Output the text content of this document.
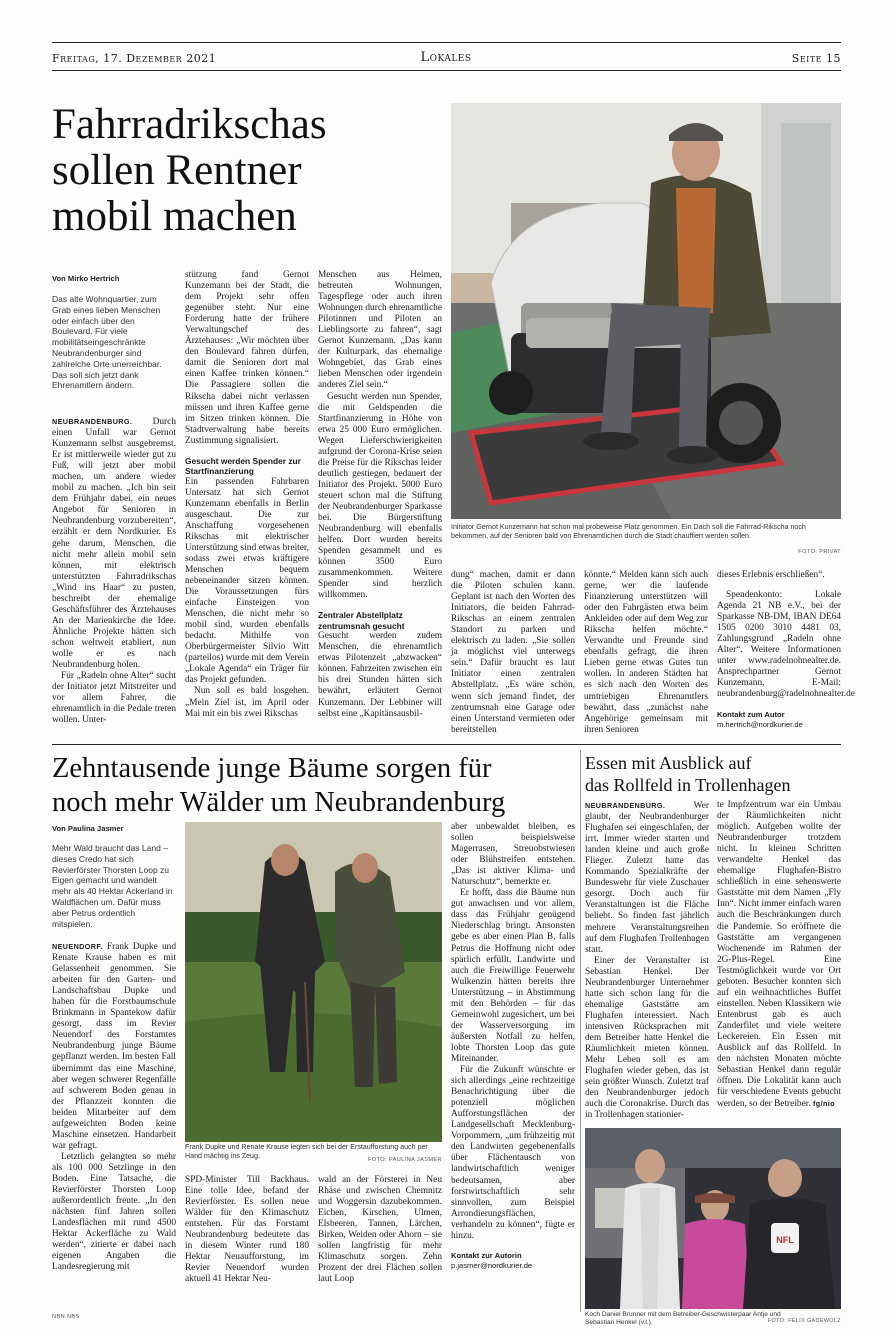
Freitag, 17. Dezember 2021	Lokales	Seite 15
Fahrradrikschas
sollen Rentner
mobil machen
Von Mirko Hertrich
Das alte Wohnquartier, zum Grab eines lieben Menschen oder einfach über den Boulevard. Für viele mobilitätseingeschränkte Neubrandenburger sind zahlreiche Orte unerreichbar. Das soll sich jetzt dank Ehrenamtlern ändern.

NEUBRANDENBURG. Durch einen Unfall war Gernot Kunzemann selbst ausgebremst. Er ist mittlerweile wieder gut zu Fuß, will jetzt aber mobil machen, um andere wieder mobil zu machen. „Ich bin seit dem Frühjahr dabei, ein neues Angebot für Senioren in Neubrandenburg vorzubereiten“, erzählt er dem Nordkurier. Es gehe darum, Menschen, die nicht mehr allein mobil sein können, mit elektrisch unterstützten Fahrradrikschas „Wind ins Haar“ zu pusten, beschreibt der ehemalige Geschäftsführer des Ärztehauses An der Marienkirche die Idee. Ähnliche Projekte hätten sich schon weltweit etabliert, nun wolle er es nach Neubrandenburg holen.

Für „Radeln ohne Alter“ sucht der Initiator jetzt Mitstreiter und vor allem Fahrer, die ehrenamtlich in die Pedale treten wollen. Unter-

stützung fand Gernot Kunzemann bei der Stadt, die dem Projekt sehr offen gegenüber steht. Nur eine Forderung hatte der frühere Verwaltungschef des Ärztehauses: „Wir möchten über den Boulevard fahren dürfen, damit die Senioren dort mal einen Kaffee trinken können.“ Die Passagiere sollen die Rikscha dabei nicht verlassen müssen und ihren Kaffee gerne im Sitzen trinken können. Die Stadtverwaltung habe bereits Zustimmung signalisiert.

Gesucht werden Spender zur Startfinanzierung

Ein passenden Fahrbaren Untersatz hat sich Gernot Kunzemann ebenfalls in Berlin ausgeschaut. Die zur Anschaffung vorgesehenen Rikschas mit elektrischer Unterstützung sind etwas breiter, sodass zwei etwas kräftigere Menschen bequem nebeneinander sitzen können. Die Voraussetzungen fürs einfache Einsteigen von Menschen, die nicht mehr so mobil sind, wurden ebenfalls bedacht. Mithilfe von Oberbürgermeister Silvio Witt (parteilos) wurde mit dem Verein „Lokale Agenda“ ein Träger für das Projekt gefunden.

Nun soll es bald losgehen. „Mein Ziel ist, im April oder Mai mit ein bis zwei Rikschas

Menschen aus Heimen, betreuten Wohnungen, Tagespflege oder auch ihren Wohnungen durch ehrenamtliche Pilotinnen und Piloten an Lieblingsorte zu fahren“, sagt Gernot Kunzemann. „Das kann der Kulturpark, das ehemalige Wohngebiet, das Grab eines lieben Menschen oder irgendein anderes Ziel sein.“

Gesucht werden nun Spender, die mit Geldspenden die Startfinanzierung in Höhe von etwa 25 000 Euro ermöglichen. Wegen Lieferschwierigkeiten aufgrund der Corona-Krise seien die Preise für die Rikschas leider deutlich gestiegen, bedauert der Initiator des Projekt. 5000 Euro steuert schon mal die Stiftung der Neubrandenburger Sparkasse bei. Die Bürgerstiftung Neubrandenburg will ebenfalls helfen. Dort wurden bereits Spenden gesammelt und es können 3500 Euro zusammenkommen. Weitere Spender sind herzlich willkommen.

Zentraler Abstellplatz zentrumsnah gesucht

Gesucht werden zudem Menschen, die ehrenamtlich etwas Pilotenzeit „abzwacken“ können. Fahrzeiten zwischen ein bis drei Stunden hätten sich bewährt, erläutert Gernot Kunzemann. Der Lebbiner will selbst eine „Kapitänsausbil-

Initiator Gernot Kunzemann hat schon mal probeweise Platz genommen. Ein Dach soll die Fahrrad-Rikscha noch bekommen, auf der Senioren bald von Ehrenamtlichen durch die Stadt chauffiert werden sollen.
FOTO: PRIVAT

dung“ machen, damit er dann die Piloten schulen kann. Geplant ist nach den Worten des Initiators, die beiden Fahrrad-Rikschas an einem zentralen Standort zu parken und elektrisch zu laden. „Sie sollen ja möglichst viel unterwegs sein.“ Dafür braucht es laut Initiator einen zentralen Abstellplatz. „Es wäre schön, wenn sich jemand findet, der zentrumsnah eine Garage oder einen Unterstand vermieten oder bereitstellen

könnte.“ Melden kann sich auch gerne, wer die laufende Finanzierung unterstützen will oder den Fahrgästen etwa beim Ankleiden oder auf dem Weg zur Rikscha helfen möchte.“ Verwandte und Freunde sind ebenfalls gefragt, die ihren Lieben gerne etwas Gutes tun wollen. In anderen Städten hat es sich nach den Worten des umtriebigen Ehrenamtlers bewährt, dass „zunächst nahe Angehörige gemeinsam mit ihren Senioren

dieses Erlebnis erschließen“.

Spendenkonto: Lokale Agenda 21 NB e.V., bei der Sparkasse NB-DM, IBAN DE64 1505 0200 3010 4481 03, Zahlungsgrund „Radeln ohne Alter“. Weitere Informationen unter www.radelnohnealter.de. Ansprechpartner Gernot Kunzemann, E-Mail: neubrandenburg@radelnohnealter.de

Kontakt zum Autor
m.hertrich@nordkurier.de
Zehntausende junge Bäume sorgen für
noch mehr Wälder um Neubrandenburg
Von Paulina Jasmer
Mehr Wald braucht das Land – dieses Credo hat sich Revierförster Thorsten Loop zu Eigen gemacht und wandelt mehr als 40 Hektar Ackerland in Waldflächen um. Dafür muss aber Petrus ordentlich mitspielen.

NEUENDORF. Frank Dupke und Renate Krause haben es mit Gelassenheit genommen. Sie arbeiten für den Garten- und Landschaftsbau Dupke und haben für die Forstbaumschule Brinkmann in Spantekow dafür gesorgt, dass im Revier Neuendorf des Forstamtes Neubrandenburg junge Bäume gepflanzt werden. Im besten Fall übernimmt das eine Maschine, aber wegen schwerer Regenfälle auf schwerem Boden genau in der Pflanzzeit konnten die beiden Mitarbeiter auf dem aufgeweichten Boden keine Maschine einsetzen. Handarbeit war gefragt.

Letztlich gelangten so mehr als 100 000 Setzlinge in den Boden. Eine Tatsache, die Revierförster Thorsten Loop außerordentlich freute. „In den nächsten fünf Jahren sollen Landesflächen mit rund 4500 Hektar Ackerfläche zu Wald werden“, zitierte er dabei nach eigenen Angaben die Landesregierung mit

Frank Dupke und Renate Krause legten sich bei der Erstaufforstung auch per Hand mächtig ins Zeug.	FOTO: PAULINA JASMER

SPD-Minister Till Backhaus. Eine tolle Idee, befand der Revierförster. Es sollen neue Wälder für den Klimaschutz entstehen. Für das Forstamt Neubrandenburg bedeutete das in diesem Winter rund 180 Hektar Neuaufforstung, im Revier Neuendorf wurden aktuell 41 Hektar Neu-

wald an der Försterei in Neu Rhäse und zwischen Chemnitz und Woggersin dazubekommen. Eichen, Kirschen, Ulmen, Elsbeeren, Tannen, Lärchen, Birken, Weiden oder Ahorn – sie sollen langfristig für mehr Klimaschutz sorgen. Zehn Prozent der drei Flächen sollen laut Loop

aber unbewaldet bleiben, es sollen beispielsweise Magerrasen, Streuobstwiesen oder Blühstreifen entstehen. „Das ist aktiver Klima- und Naturschutz“, bemerkte er.

Er hofft, dass die Bäume nun gut anwachsen und vor allem, dass das Frühjahr genügend Niederschlag bringt. Ansonsten gebe es aber einen Plan B, falls Petrus die Hoffnung nicht oder spärlich erfüllt. Landwirte und auch die Freiwillige Feuerwehr Wulkenzin hätten bereits ihre Unterstützung – in Abstimmung mit den Behörden – für das Gemeinwohl zugesichert, um bei der Wasserversorgung im äußersten Notfall zu helfen, lobte Thorsten Loop das gute Miteinander.

Für die Zukunft wünschte er sich allerdings „eine rechtzeitige Benachrichtigung über die potenziell möglichen Aufforstungsflächen der Landgesellschaft Mecklenburg-Vorpommern, „um frühzeitig mit den Landwirten gegebenenfalls über Flächentausch von landwirtschaftlich weniger bedeutsamen, aber forstwirtschaftlich sehr sinnvollen, zum Beispiel Arrondierungsflächen, verhandeln zu können“, fügte er hinzu.

Kontakt zur Autorin
p.jasmer@nordkurier.de
Essen mit Ausblick auf
das Rollfeld in Trollenhagen

NEUBRANDENBURG.	Wer glaubt, der Neubrandenburger Flughafen sei eingeschlafen, der irrt. Immer wieder starten und landen kleine und auch große Flieger. Zuletzt hatte das Kommando Spezialkräfte der Bundeswehr für viele Zuschauer gesorgt. Doch auch für Veranstaltungen ist die Fläche beliebt. So finden fast jährlich mehrere Veranstaltungsreihen auf dem Flughafen Trollenhagen statt.

Einer der Veranstalter ist Sebastian Henkel. Der Neubrandenburger Unternehmer hatte sich schon lang für die ehemalige Gaststätte am Flughafen interessiert. Nach intensiven Rücksprachen mit dem Betreiber hatte Henkel die Räumlichkeit mieten können. Mehr Leben soll es am Flughafen wieder geben, das ist sein größter Wunsch. Zuletzt traf den Neubrandenburger jedoch auch die Coronakrise. Durch das in Trollenhagen stationier-

te Impfzentrum war ein Umbau der Räumlichkeiten nicht möglich. Aufgeben wollte der Neubrandenburger trotzdem nicht. In kleinen Schritten verwandelte Henkel das ehemalige Flughafen-Bistro schließlich in eine sehenswerte Gaststätte mit dem Namen „Fly Inn“. Nicht immer einfach waren auch die Beschränkungen durch die Pandemie. So eröffnete die Gaststätte am vergangenen Wochenende im Rahmen der 2G-Plus-Regel. Eine Testmöglichkeit wurde vor Ort geboten. Besucher konnten sich auf ein weihnachtliches Buffet einstellen. Neben Klassikern wie Entenbrust gab es auch Zanderfilet und viele weitere Leckereien. Ein Essen mit Ausblick auf das Rollfeld. In den nächsten Monaten möchte Sebastian Henkel dann regulär öffnen. Die Lokalität kann auch für verschiedene Events gebucht werden, so der Betreiber. fg/nio

NFL
Koch Daniel Brunner mit dem Betreiber-Geschwisterpaar Antje und Sebastian Henkel (v.l.).	FOTO: FELIX GADEWOLZ
NBN NBS
